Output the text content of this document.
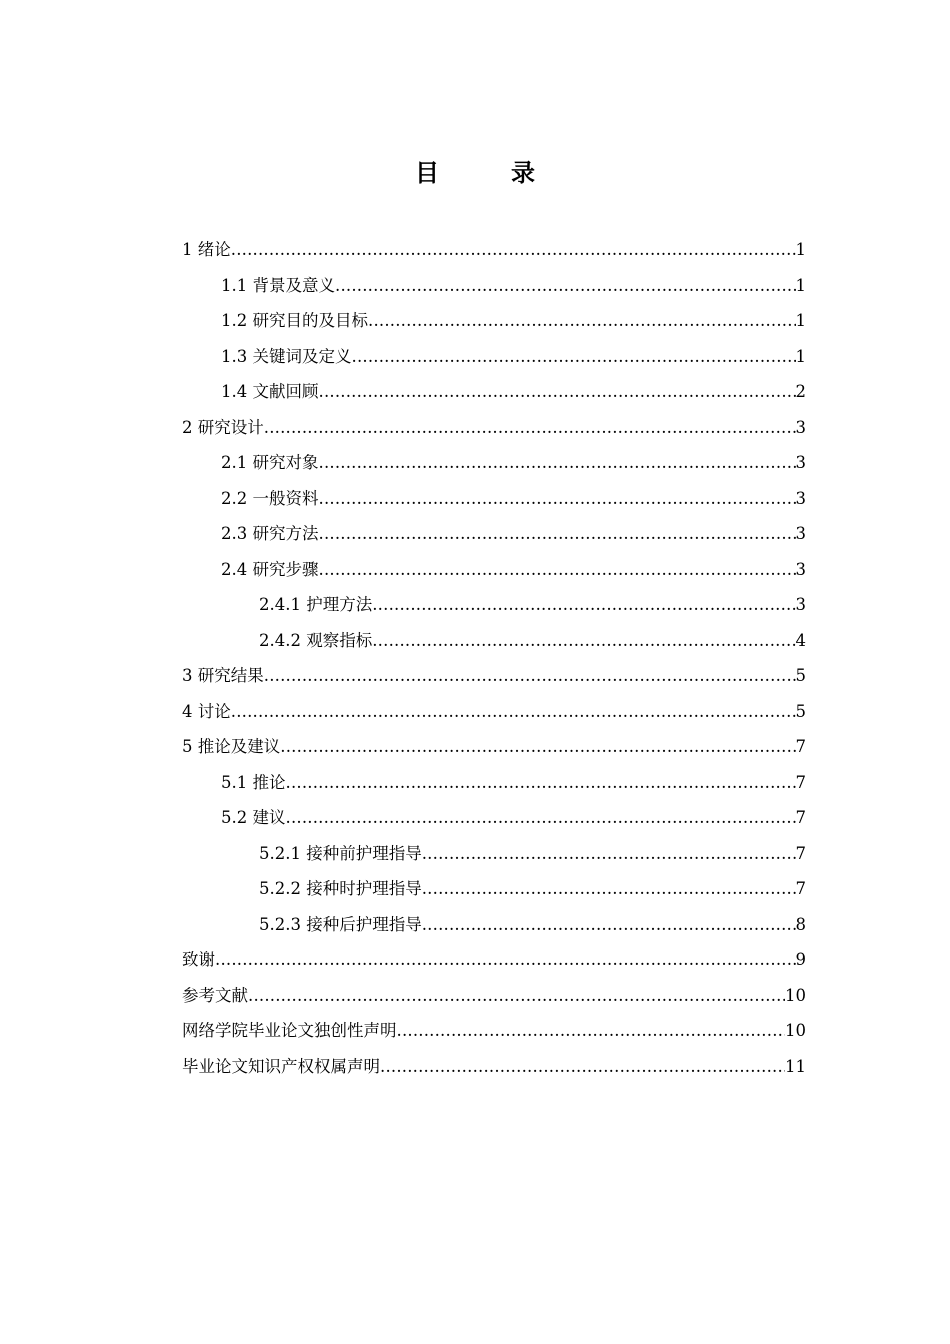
目　录
1 绪论 .....	1
1.1 背景及意义 .....	1
1.2 研究目的及目标 .....	1
1.3 关键词及定义 .....	1
1.4 文献回顾 .....	2
2 研究设计 .....	3
2.1 研究对象 .....	3
2.2 一般资料 .....	3
2.3 研究方法 .....	3
2.4 研究步骤 .....	3
2.4.1 护理方法 .....	3
2.4.2 观察指标 .....	4
3 研究结果 .....	5
4 讨论 .....	5
5 推论及建议 .....	7
5.1 推论 .....	7
5.2 建议 .....	7
5.2.1 接种前护理指导 .....	7
5.2.2 接种时护理指导 .....	7
5.2.3 接种后护理指导 .....	8
致谢 .....	9
参考文献 .....	10
网络学院毕业论文独创性声明 .....	10
毕业论文知识产权权属声明 .....	11
